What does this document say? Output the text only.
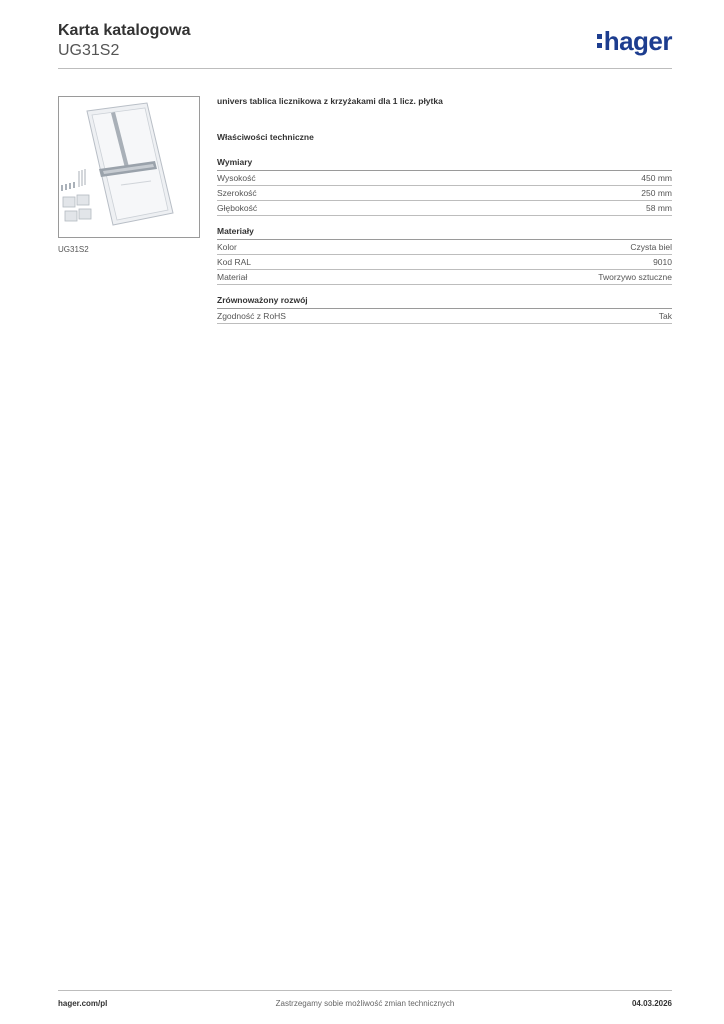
Karta katalogowa
UG31S2	hager
UG31S2
univers tablica licznikowa z krzyżakami dla 1 licz. płytka
Właściwości techniczne
Wymiary
Wysokość	450 mm
Szerokość	250 mm
Głębokość	58 mm
Materiały
Kolor	Czysta biel
Kod RAL	9010
Materiał	Tworzywo sztuczne
Zrównoważony rozwój
Zgodność z RoHS	Tak
hager.com/pl	Zastrzegamy sobie możliwość zmian technicznych	04.03.2026
